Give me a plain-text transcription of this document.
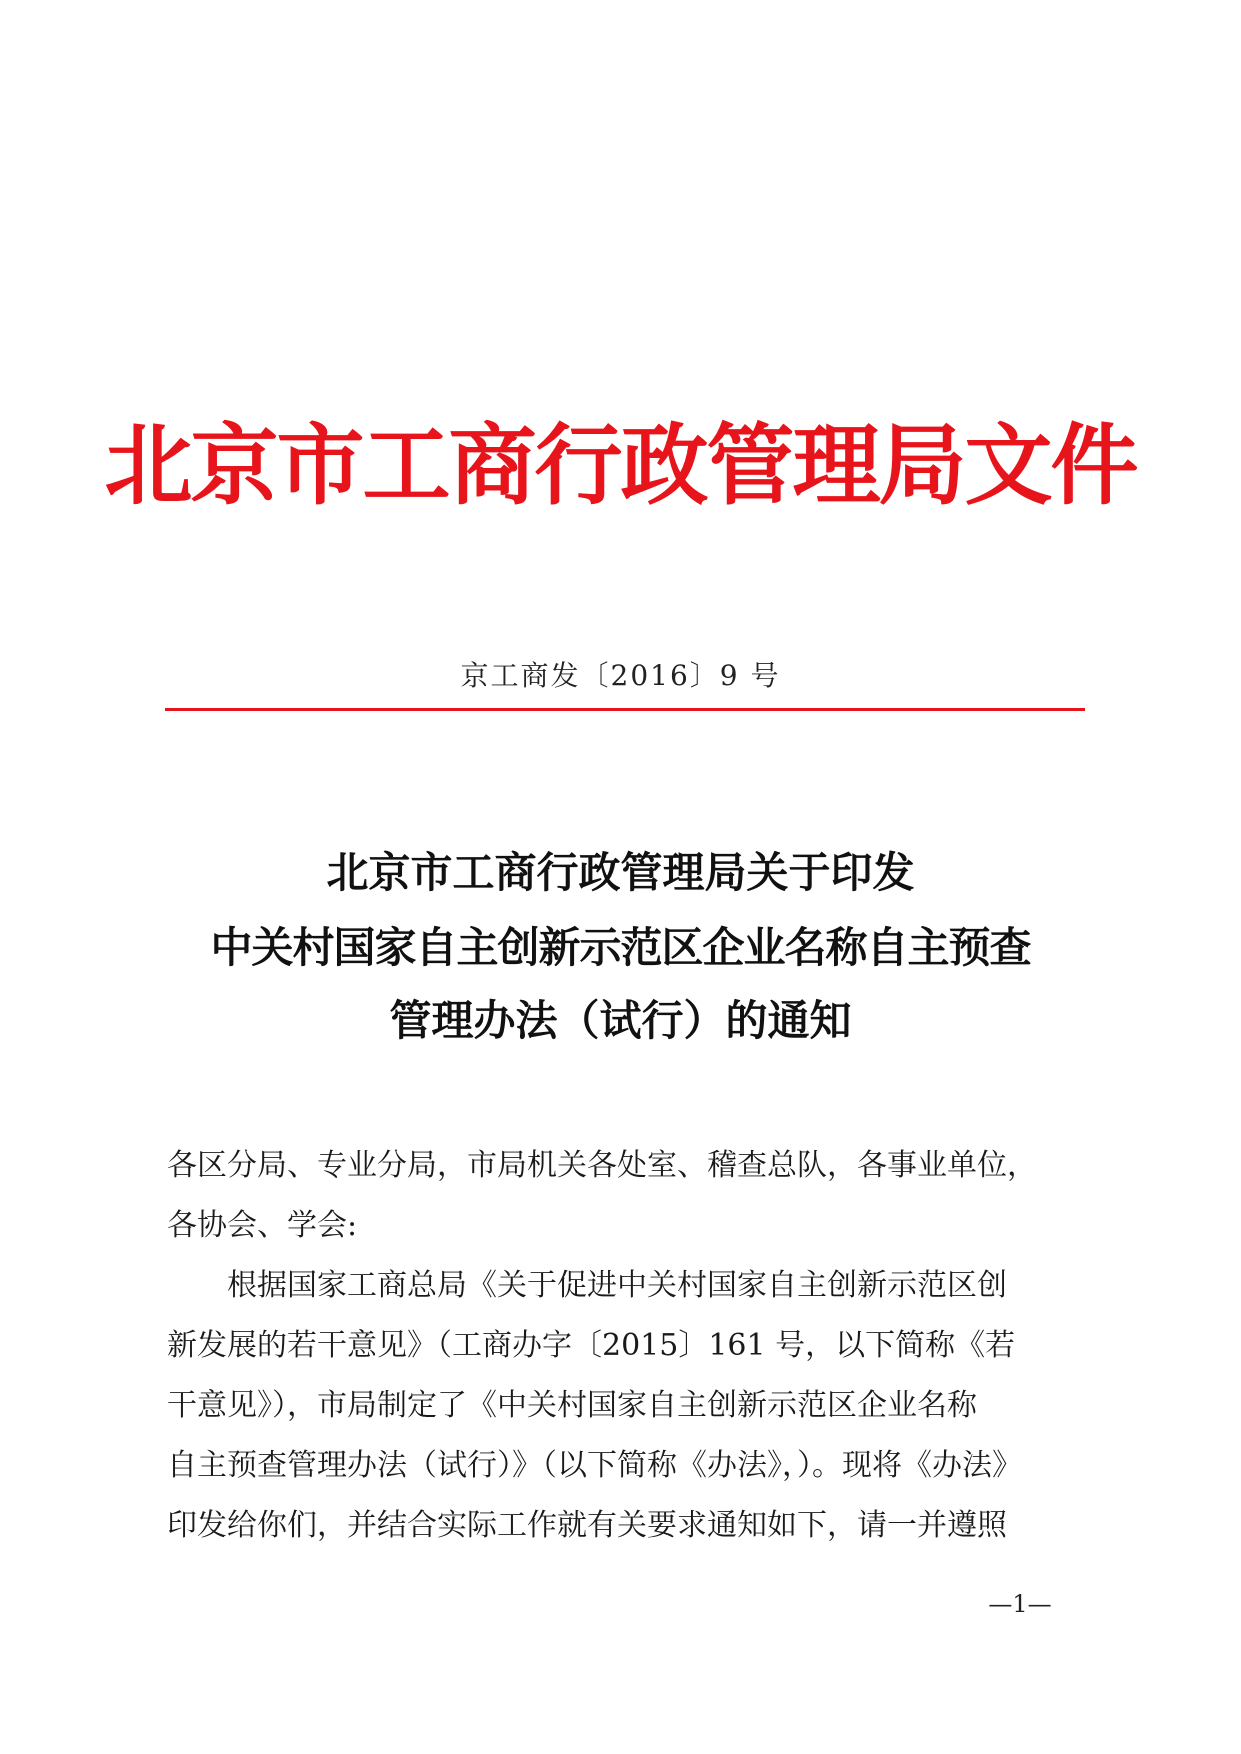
北京市工商行政管理局文件
京工商发〔2016〕9 号
北京市工商行政管理局关于印发
中关村国家自主创新示范区企业名称自主预查
管理办法（试行）的通知
各区分局、专业分局，市局机关各处室、稽查总队，各事业单位，
各协会、学会:
　　根据国家工商总局《关于促进中关村国家自主创新示范区创
新发展的若干意见》（工商办字〔2015〕161 号，以下简称《若
干意见》），市局制定了《中关村国家自主创新示范区企业名称
自主预查管理办法（试行）》（以下简称《办法》，）。现将《办法》
印发给你们，并结合实际工作就有关要求通知如下，请一并遵照
—1—
